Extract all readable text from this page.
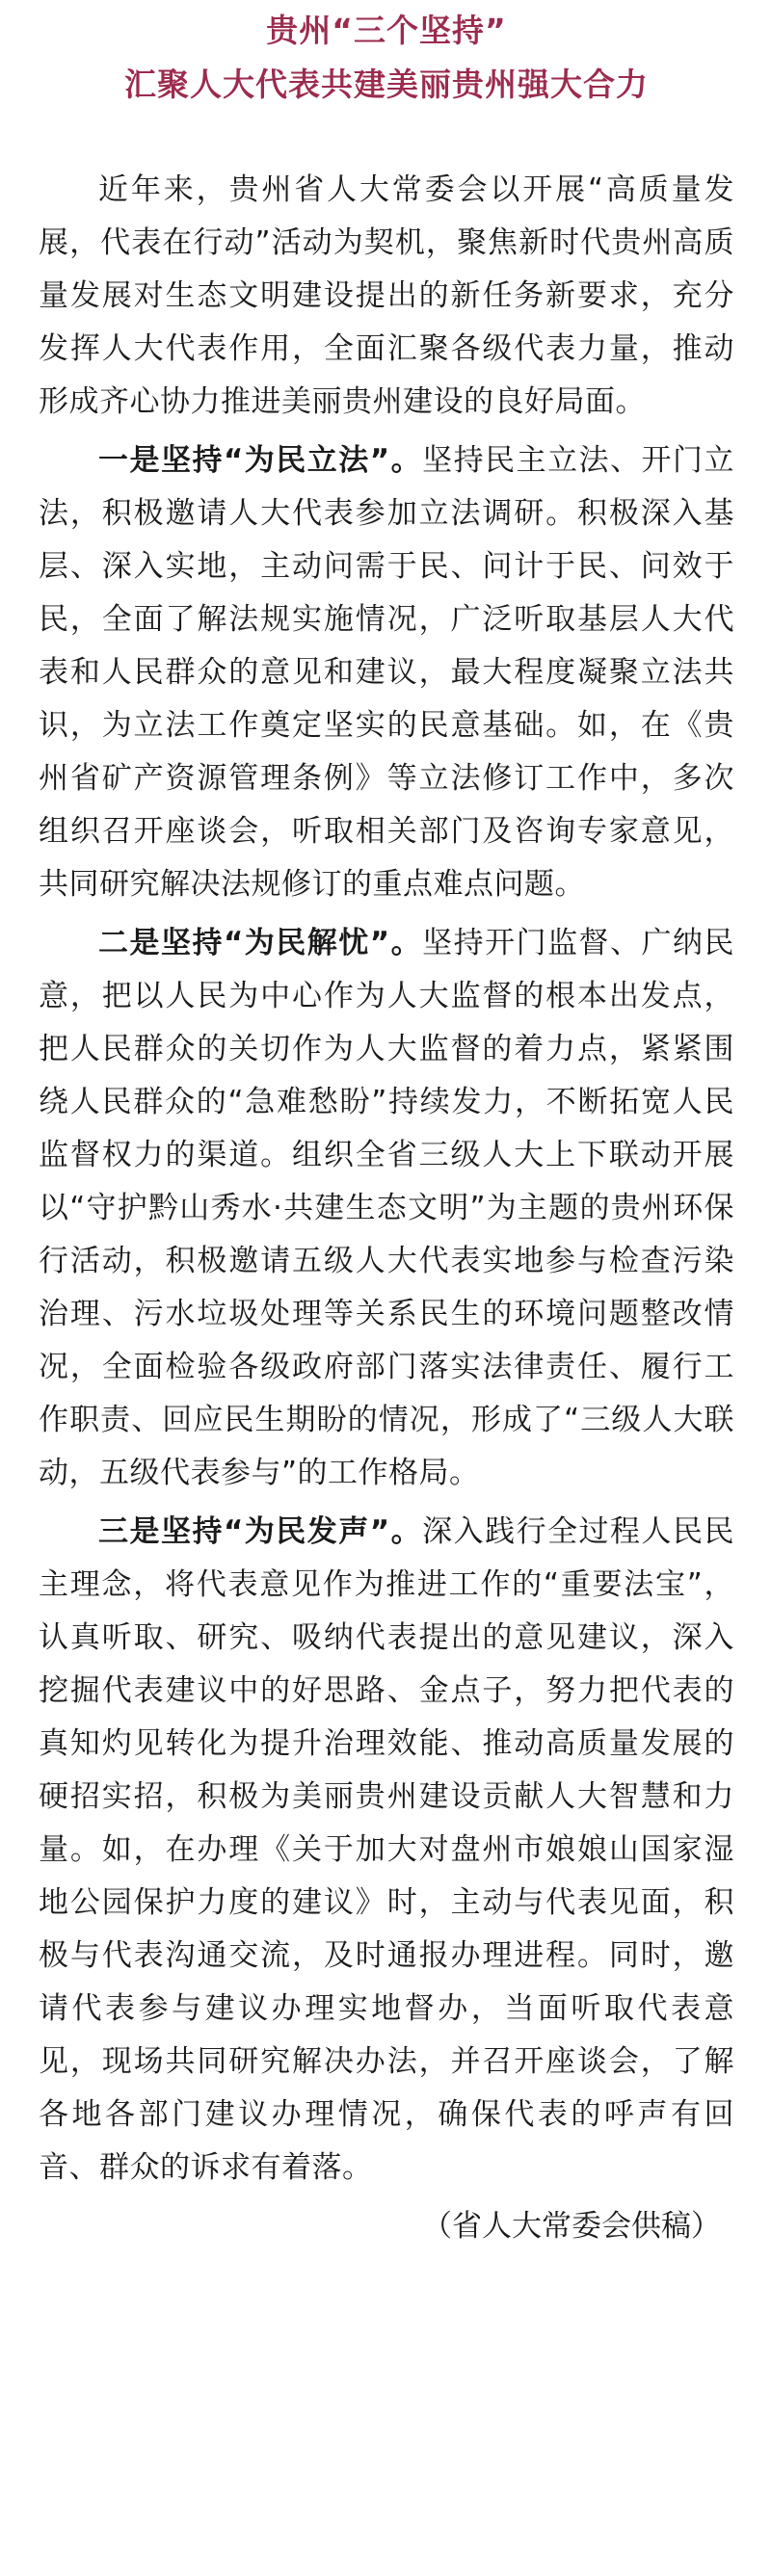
贵州“三个坚持”
汇聚人大代表共建美丽贵州强大合力

近年来，贵州省人大常委会以开展“高质量发展，代表在行动”活动为契机，聚焦新时代贵州高质量发展对生态文明建设提出的新任务新要求，充分发挥人大代表作用，全面汇聚各级代表力量，推动形成齐心协力推进美丽贵州建设的良好局面。

一是坚持“为民立法”。坚持民主立法、开门立法，积极邀请人大代表参加立法调研。积极深入基层、深入实地，主动问需于民、问计于民、问效于民，全面了解法规实施情况，广泛听取基层人大代表和人民群众的意见和建议，最大程度凝聚立法共识，为立法工作奠定坚实的民意基础。如，在《贵州省矿产资源管理条例》等立法修订工作中，多次组织召开座谈会，听取相关部门及咨询专家意见，共同研究解决法规修订的重点难点问题。

二是坚持“为民解忧”。坚持开门监督、广纳民意，把以人民为中心作为人大监督的根本出发点，把人民群众的关切作为人大监督的着力点，紧紧围绕人民群众的“急难愁盼”持续发力，不断拓宽人民监督权力的渠道。组织全省三级人大上下联动开展以“守护黔山秀水·共建生态文明”为主题的贵州环保行活动，积极邀请五级人大代表实地参与检查污染治理、污水垃圾处理等关系民生的环境问题整改情况，全面检验各级政府部门落实法律责任、履行工作职责、回应民生期盼的情况，形成了“三级人大联动，五级代表参与”的工作格局。

三是坚持“为民发声”。深入践行全过程人民民主理念，将代表意见作为推进工作的“重要法宝”，认真听取、研究、吸纳代表提出的意见建议，深入挖掘代表建议中的好思路、金点子，努力把代表的真知灼见转化为提升治理效能、推动高质量发展的硬招实招，积极为美丽贵州建设贡献人大智慧和力量。如，在办理《关于加大对盘州市娘娘山国家湿地公园保护力度的建议》时，主动与代表见面，积极与代表沟通交流，及时通报办理进程。同时，邀请代表参与建议办理实地督办，当面听取代表意见，现场共同研究解决办法，并召开座谈会，了解各地各部门建议办理情况，确保代表的呼声有回音、群众的诉求有着落。

（省人大常委会供稿）
